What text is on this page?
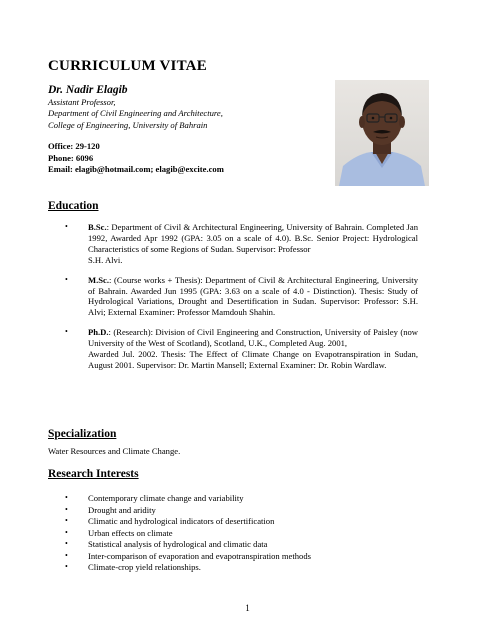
CURRICULUM VITAE
Dr. Nadir Elagib
Assistant Professor,
Department of Civil Engineering and Architecture,
College of Engineering, University of Bahrain
Office: 29-120
Phone: 6096
Email: elagib@hotmail.com; elagib@excite.com
Education
• B.Sc.: Department of Civil & Architectural Engineering, University of Bahrain. Completed Jan 1992, Awarded Apr 1992 (GPA: 3.05 on a scale of 4.0). B.Sc. Senior Project: Hydrological Characteristics of some Regions of Sudan. Supervisor: Professor
S.H. Alvi.
• M.Sc.: (Course works + Thesis): Department of Civil & Architectural Engineering, University of Bahrain. Awarded Jun 1995 (GPA: 3.63 on a scale of 4.0 - Distinction). Thesis: Study of Hydrological Variations, Drought and Desertification in Sudan. Supervisor: Professor: S.H. Alvi; External Examiner: Professor Mamdouh Shahin.
• Ph.D.: (Research): Division of Civil Engineering and Construction, University of Paisley (now University of the West of Scotland), Scotland, U.K., Completed Aug. 2001,
Awarded Jul. 2002. Thesis: The Effect of Climate Change on Evapotranspiration in Sudan, August 2001. Supervisor: Dr. Martin Mansell; External Examiner: Dr. Robin Wardlaw.
Specialization
Water Resources and Climate Change.
Research Interests
• Contemporary climate change and variability
• Drought and aridity
• Climatic and hydrological indicators of desertification
• Urban effects on climate
• Statistical analysis of hydrological and climatic data
• Inter-comparison of evaporation and evapotranspiration methods
• Climate-crop yield relationships.
1
